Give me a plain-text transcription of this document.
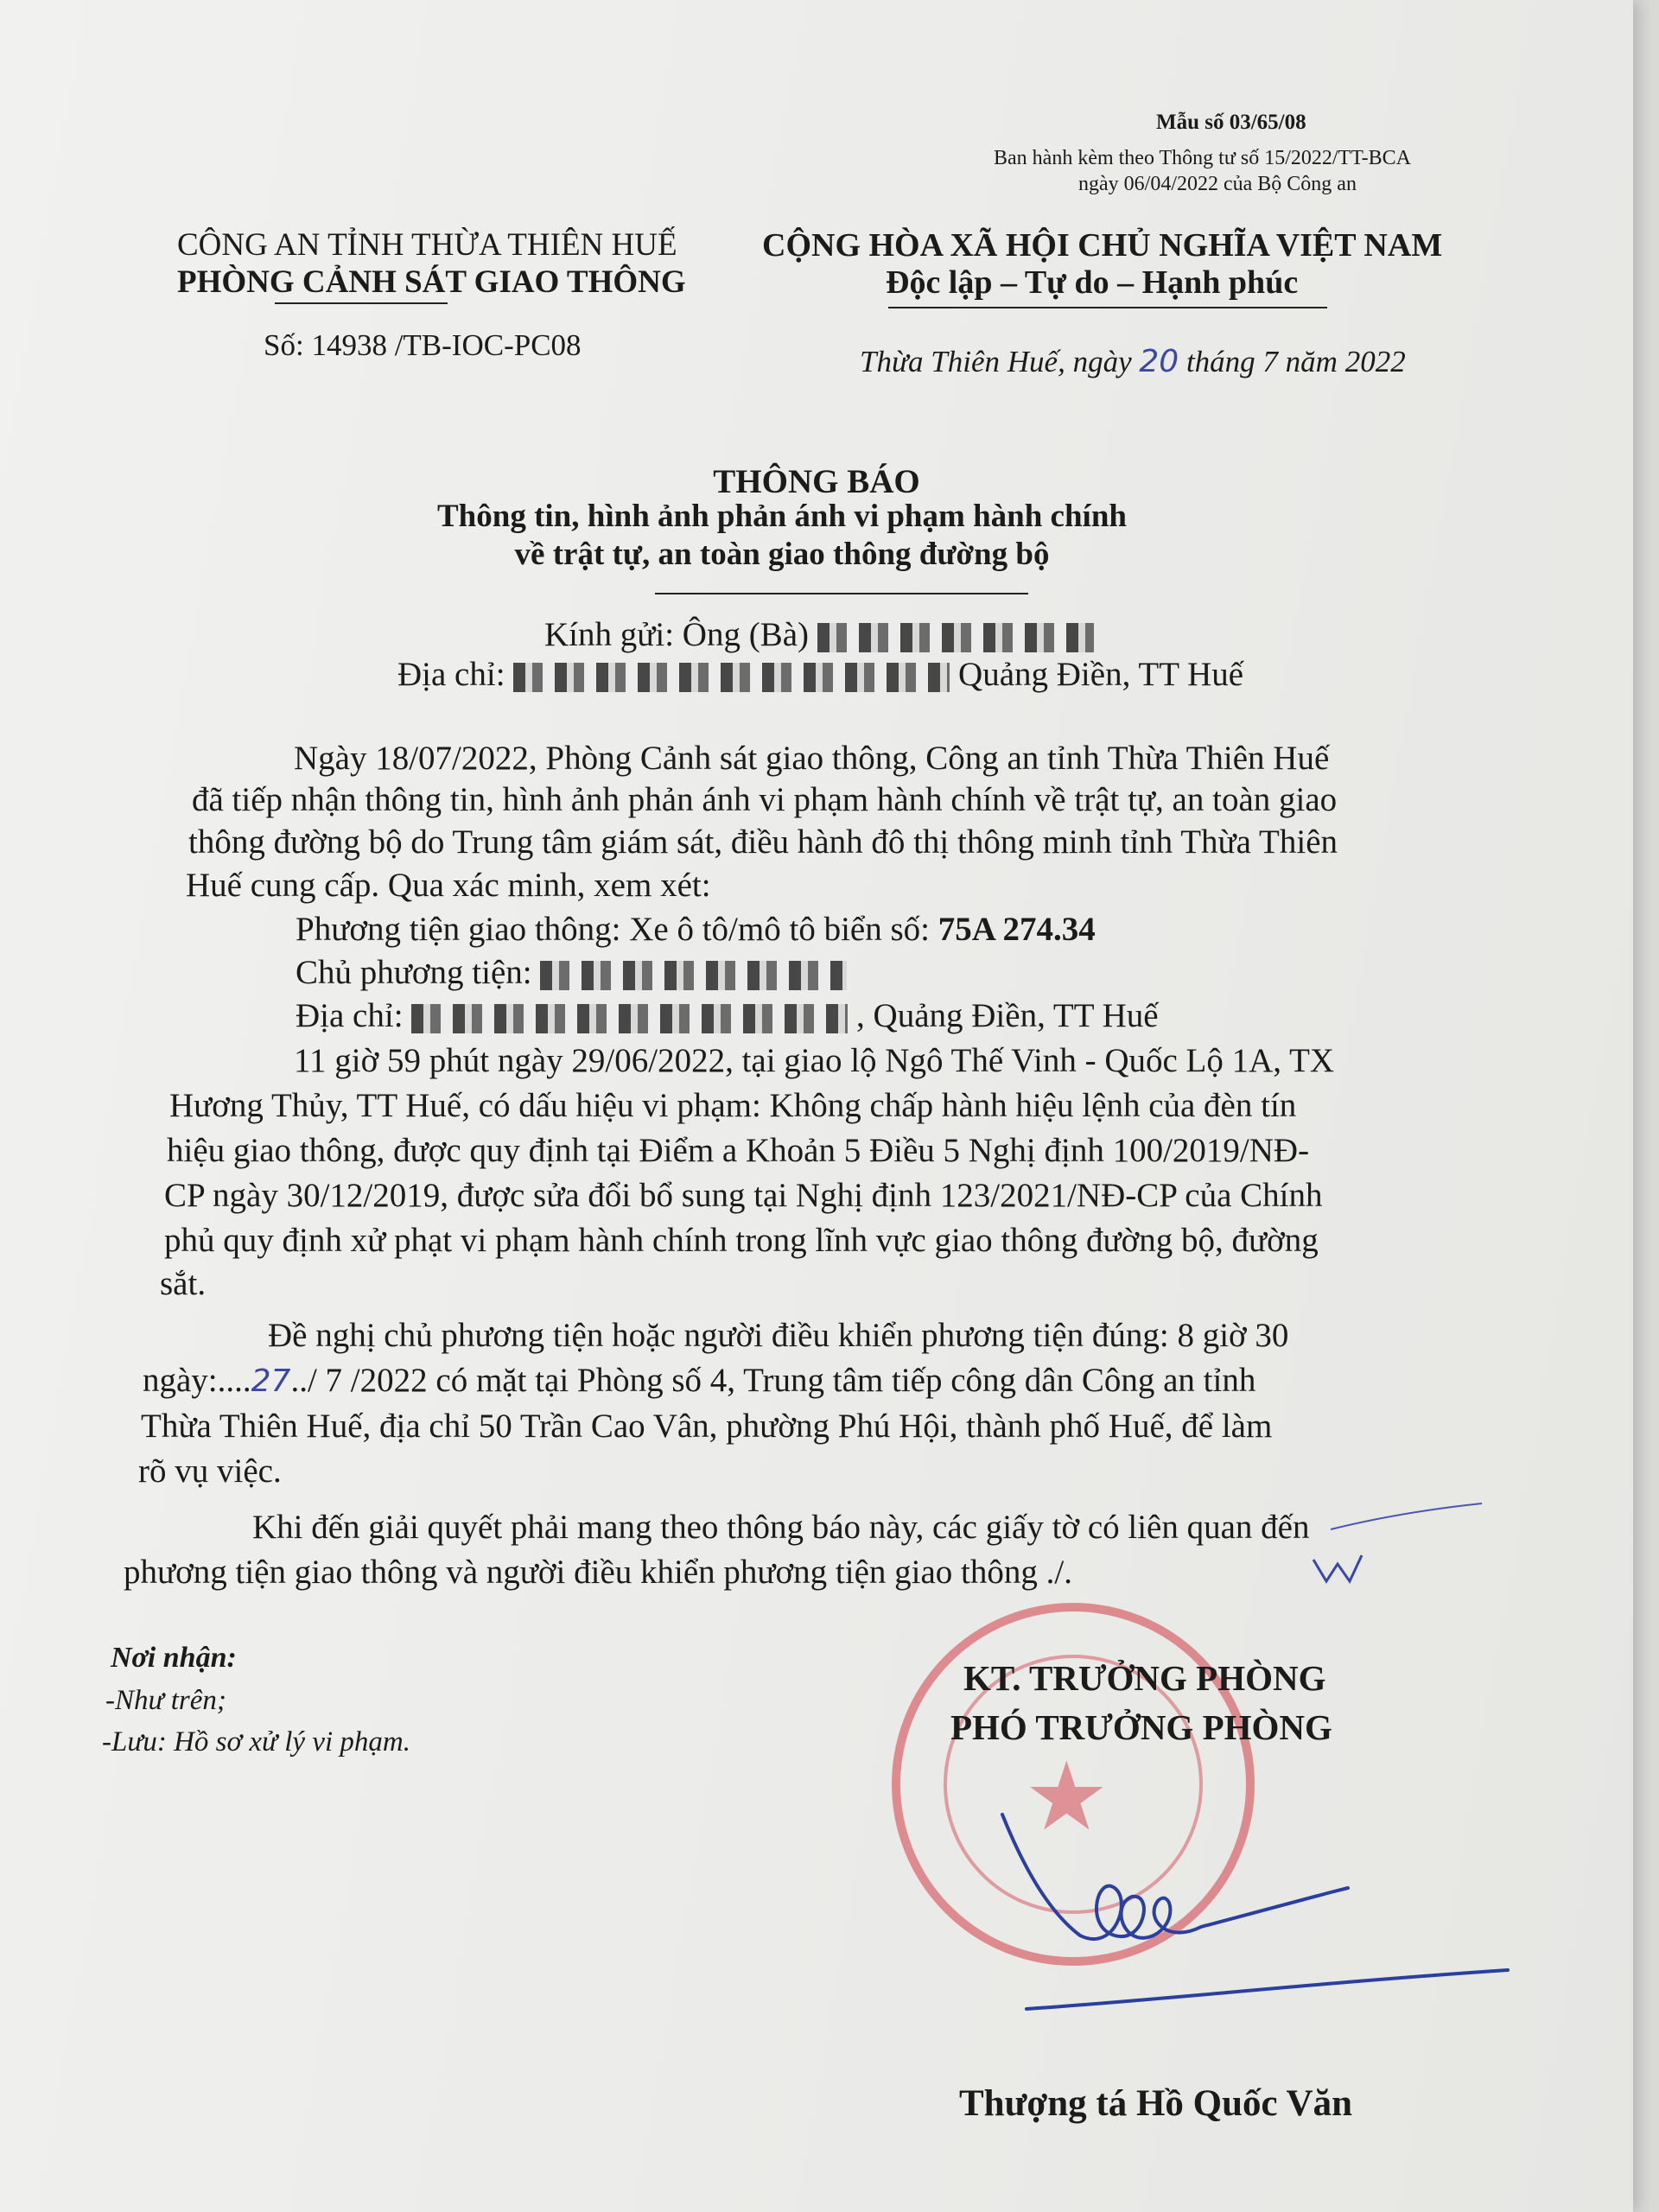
Mẫu số 03/65/08
Ban hành kèm theo Thông tư số 15/2022/TT-BCA
ngày 06/04/2022 của Bộ Công an
CÔNG AN TỈNH THỪA THIÊN HUẾ
PHÒNG CẢNH SÁT GIAO THÔNG
Số: 14938 /TB-IOC-PC08
CỘNG HÒA XÃ HỘI CHỦ NGHĨA VIỆT NAM
Độc lập – Tự do – Hạnh phúc
Thừa Thiên Huế, ngày 20 tháng 7 năm 2022
THÔNG BÁO
Thông tin, hình ảnh phản ánh vi phạm hành chính
về trật tự, an toàn giao thông đường bộ
Kính gửi: Ông (Bà)
Địa chỉ:	Quảng Điền, TT Huế
Ngày 18/07/2022, Phòng Cảnh sát giao thông, Công an tỉnh Thừa Thiên Huế
đã tiếp nhận thông tin, hình ảnh phản ánh vi phạm hành chính về trật tự, an toàn giao
thông đường bộ do Trung tâm giám sát, điều hành đô thị thông minh tỉnh Thừa Thiên
Huế cung cấp. Qua xác minh, xem xét:
Phương tiện giao thông: Xe ô tô/mô tô biển số: 75A 274.34
Chủ phương tiện:
Địa chỉ:	, Quảng Điền, TT Huế
11 giờ 59 phút ngày 29/06/2022, tại giao lộ Ngô Thế Vinh - Quốc Lộ 1A, TX
Hương Thủy, TT Huế, có dấu hiệu vi phạm: Không chấp hành hiệu lệnh của đèn tín
hiệu giao thông, được quy định tại Điểm a Khoản 5 Điều 5 Nghị định 100/2019/NĐ-
CP ngày 30/12/2019, được sửa đổi bổ sung tại Nghị định 123/2021/NĐ-CP của Chính
phủ quy định xử phạt vi phạm hành chính trong lĩnh vực giao thông đường bộ, đường
sắt.
Đề nghị chủ phương tiện hoặc người điều khiển phương tiện đúng: 8 giờ 30
ngày:....27../ 7 /2022 có mặt tại Phòng số 4, Trung tâm tiếp công dân Công an tỉnh
Thừa Thiên Huế, địa chỉ 50 Trần Cao Vân, phường Phú Hội, thành phố Huế, để làm
rõ vụ việc.
Khi đến giải quyết phải mang theo thông báo này, các giấy tờ có liên quan đến
phương tiện giao thông và người điều khiển phương tiện giao thông ./.
Nơi nhận:
-Như trên;
-Lưu: Hồ sơ xử lý vi phạm.
★
KT. TRƯỞNG PHÒNG
PHÓ TRƯỞNG PHÒNG
Thượng tá Hồ Quốc Văn
